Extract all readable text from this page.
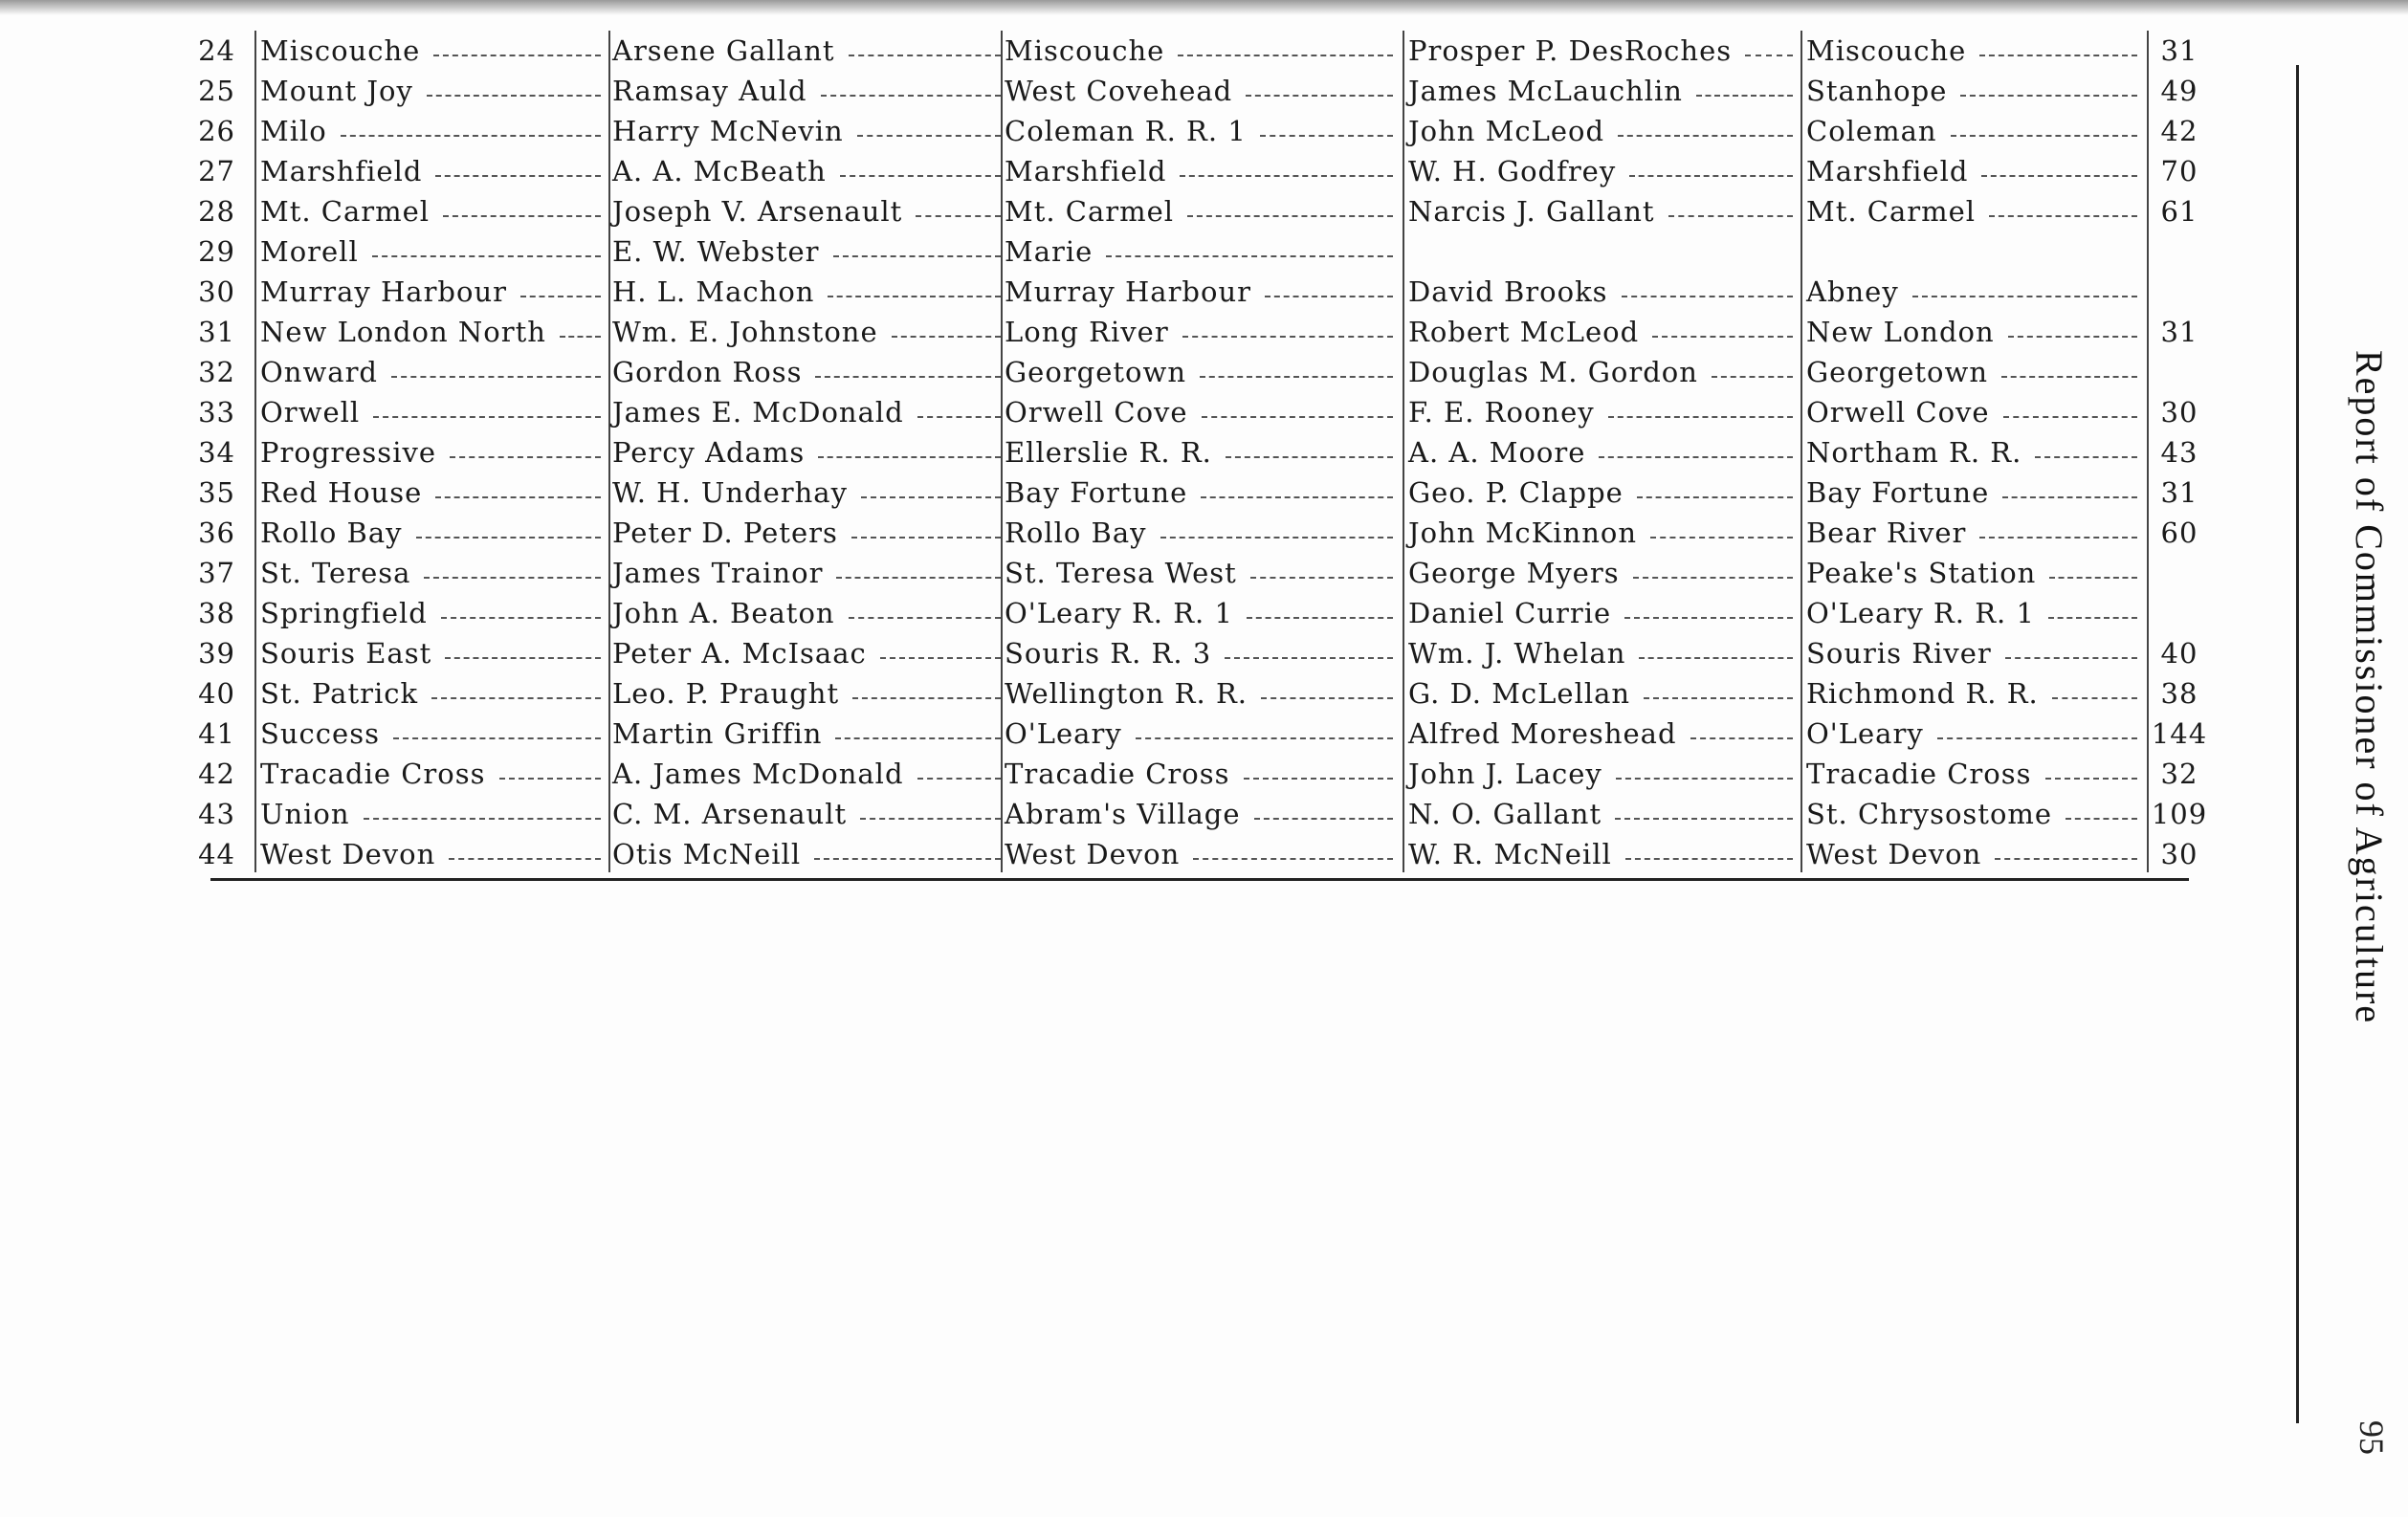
24 Miscouche	Arsene Gallant	Miscouche	Prosper P. DesRoches	Miscouche	31
25 Mount Joy	Ramsay Auld	West Covehead	James McLauchlin	Stanhope	49
26 Milo	Harry McNevin	Coleman R. R. 1	John McLeod	Coleman	42
27 Marshfield	A. A. McBeath	Marshfield	W. H. Godfrey	Marshfield	70
28 Mt. Carmel	Joseph V. Arsenault	Mt. Carmel	Narcis J. Gallant	Mt. Carmel	61
29 Morell	E. W. Webster	Marie
30 Murray Harbour	H. L. Machon	Murray Harbour	David Brooks	Abney
31 New London North	Wm. E. Johnstone	Long River	Robert McLeod	New London	31
32 Onward	Gordon Ross	Georgetown	Douglas M. Gordon	Georgetown
33 Orwell	James E. McDonald	Orwell Cove	F. E. Rooney	Orwell Cove	30
34 Progressive	Percy Adams	Ellerslie R. R.	A. A. Moore	Northam R. R.	43
35 Red House	W. H. Underhay	Bay Fortune	Geo. P. Clappe	Bay Fortune	31
36 Rollo Bay	Peter D. Peters	Rollo Bay	John McKinnon	Bear River	60
37 St. Teresa	James Trainor	St. Teresa West	George Myers	Peake's Station
38 Springfield	John A. Beaton	O'Leary R. R. 1	Daniel Currie	O'Leary R. R. 1
39 Souris East	Peter A. McIsaac	Souris R. R. 3	Wm. J. Whelan	Souris River	40
40 St. Patrick	Leo. P. Praught	Wellington R. R.	G. D. McLellan	Richmond R. R.	38
41 Success	Martin Griffin	O'Leary	Alfred Moreshead	O'Leary	144
42 Tracadie Cross	A. James McDonald	Tracadie Cross	John J. Lacey	Tracadie Cross	32
43 Union	C. M. Arsenault	Abram's Village	N. O. Gallant	St. Chrysostome	109
44 West Devon	Otis McNeill	West Devon	W. R. McNeill	West Devon	30	Report of Commissioner of Agriculture
95
